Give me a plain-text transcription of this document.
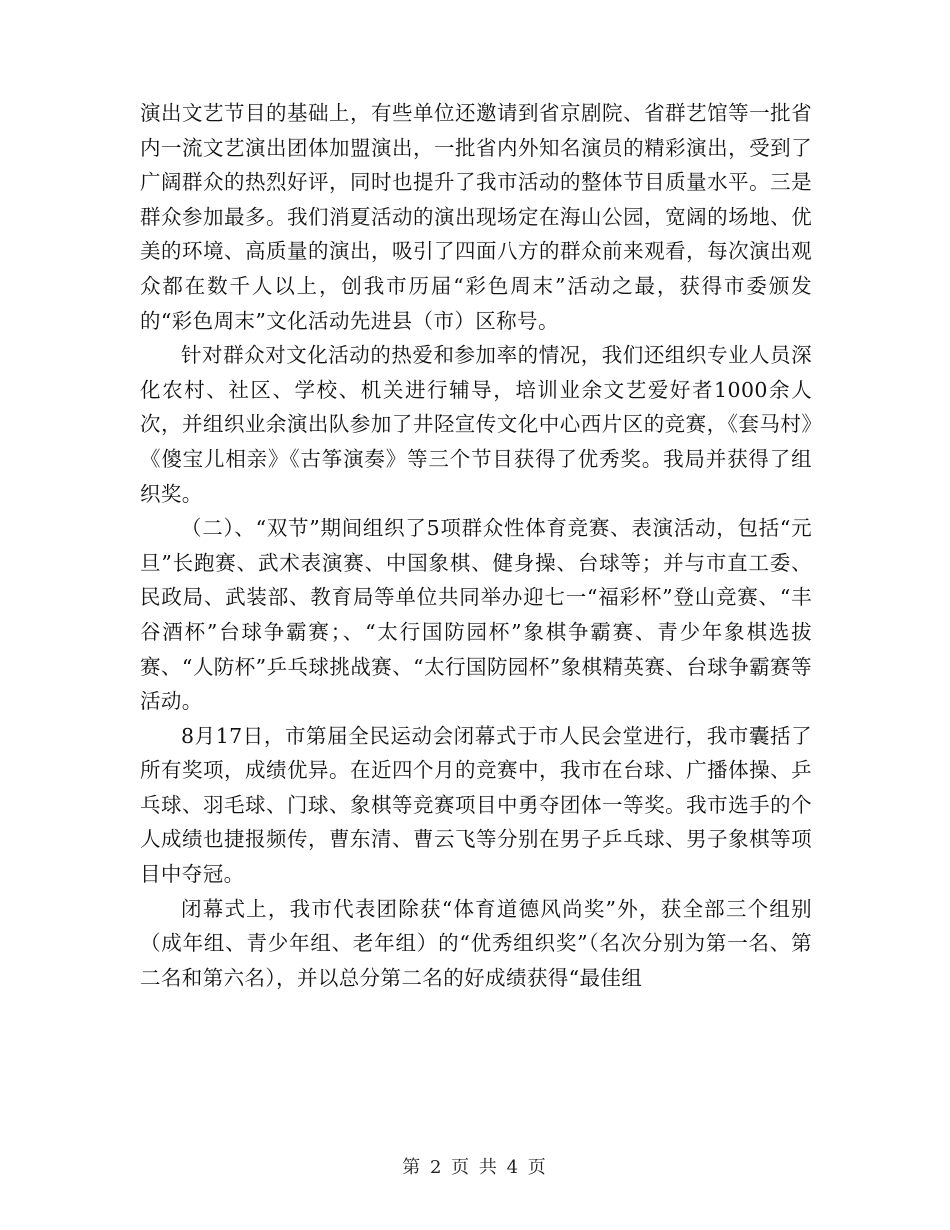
演出文艺节目的基础上，有些单位还邀请到省京剧院、省群艺馆等一批省内一流文艺演出团体加盟演出，一批省内外知名演员的精彩演出，受到了广阔群众的热烈好评，同时也提升了我市活动的整体节目质量水平。三是群众参加最多。我们消夏活动的演出现场定在海山公园，宽阔的场地、优美的环境、高质量的演出，吸引了四面八方的群众前来观看，每次演出观众都在数千人以上，创我市历届“彩色周末”活动之最，获得市委颁发的“彩色周末”文化活动先进县（市）区称号。

针对群众对文化活动的热爱和参加率的情况，我们还组织专业人员深化农村、社区、学校、机关进行辅导，培训业余文艺爱好者1000余人次，并组织业余演出队参加了井陉宣传文化中心西片区的竞赛，《套马村》《傻宝儿相亲》《古筝演奏》等三个节目获得了优秀奖。我局并获得了组织奖。

（二）、“双节”期间组织了5项群众性体育竞赛、表演活动，包括“元旦”长跑赛、武术表演赛、中国象棋、健身操、台球等；并与市直工委、民政局、武装部、教育局等单位共同举办迎七一“福彩杯”登山竞赛、“丰谷酒杯”台球争霸赛；、“太行国防园杯”象棋争霸赛、青少年象棋选拔赛、“人防杯”乒乓球挑战赛、“太行国防园杯”象棋精英赛、台球争霸赛等活动。

8月17日，市第届全民运动会闭幕式于市人民会堂进行，我市囊括了所有奖项，成绩优异。在近四个月的竞赛中，我市在台球、广播体操、乒乓球、羽毛球、门球、象棋等竞赛项目中勇夺团体一等奖。我市选手的个人成绩也捷报频传，曹东清、曹云飞等分别在男子乒乓球、男子象棋等项目中夺冠。

闭幕式上，我市代表团除获“体育道德风尚奖”外，获全部三个组别（成年组、青少年组、老年组）的“优秀组织奖”（名次分别为第一名、第二名和第六名），并以总分第二名的好成绩获得“最佳组

第 2 页 共 4 页
